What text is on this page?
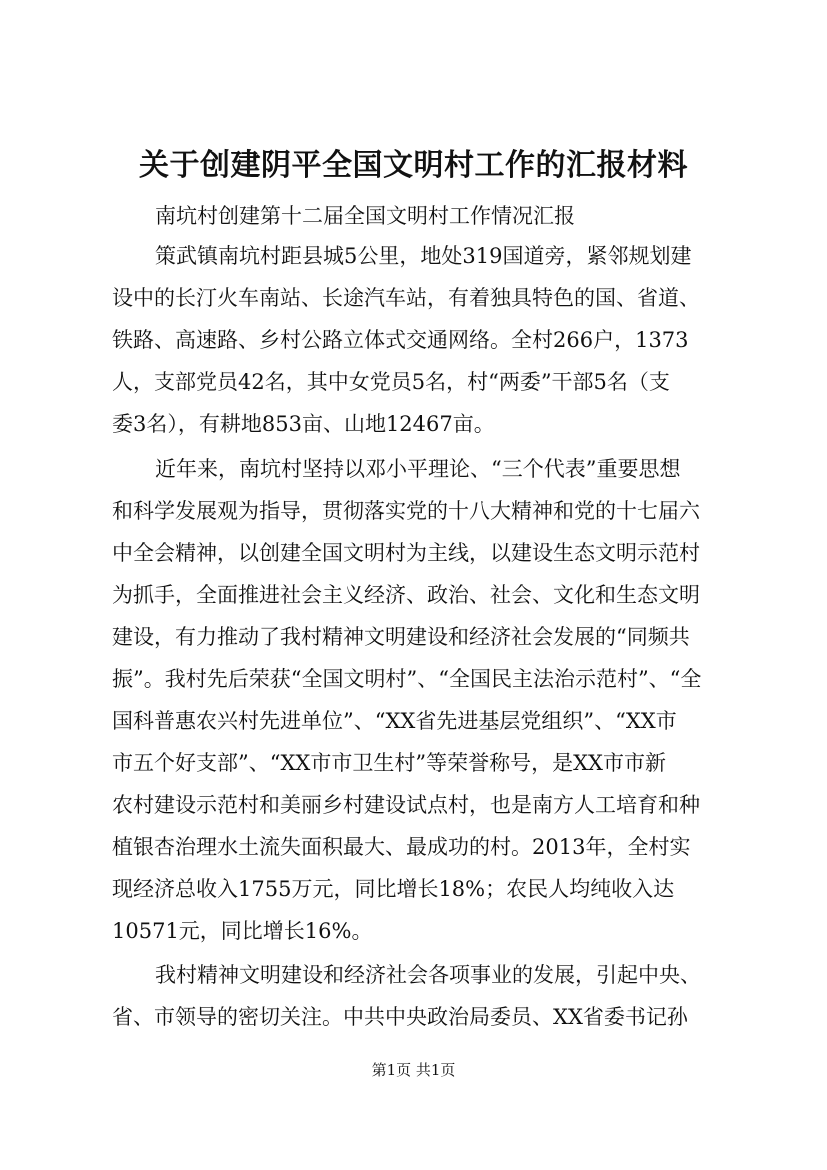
关于创建阴平全国文明村工作的汇报材料

南坑村创建第十二届全国文明村工作情况汇报

策武镇南坑村距县城5公里，地处319国道旁，紧邻规划建

设中的长汀火车南站、长途汽车站，有着独具特色的国、省道、

铁路、高速路、乡村公路立体式交通网络。全村266户，1373

人，支部党员42名，其中女党员5名，村“两委”干部5名（支

委3名），有耕地853亩、山地12467亩。

近年来，南坑村坚持以邓小平理论、“三个代表”重要思想

和科学发展观为指导，贯彻落实党的十八大精神和党的十七届六

中全会精神，以创建全国文明村为主线，以建设生态文明示范村

为抓手，全面推进社会主义经济、政治、社会、文化和生态文明

建设，有力推动了我村精神文明建设和经济社会发展的“同频共

振”。我村先后荣获“全国文明村”、“全国民主法治示范村”、“全

国科普惠农兴村先进单位”、“XX省先进基层党组织”、“XX市

市五个好支部”、“XX市市卫生村”等荣誉称号，是XX市市新

农村建设示范村和美丽乡村建设试点村，也是南方人工培育和种

植银杏治理水土流失面积最大、最成功的村。2013年，全村实

现经济总收入1755万元，同比增长18%；农民人均纯收入达

10571元，同比增长16%。

我村精神文明建设和经济社会各项事业的发展，引起中央、

省、市领导的密切关注。中共中央政治局委员、XX省委书记孙

第1页 共1页
